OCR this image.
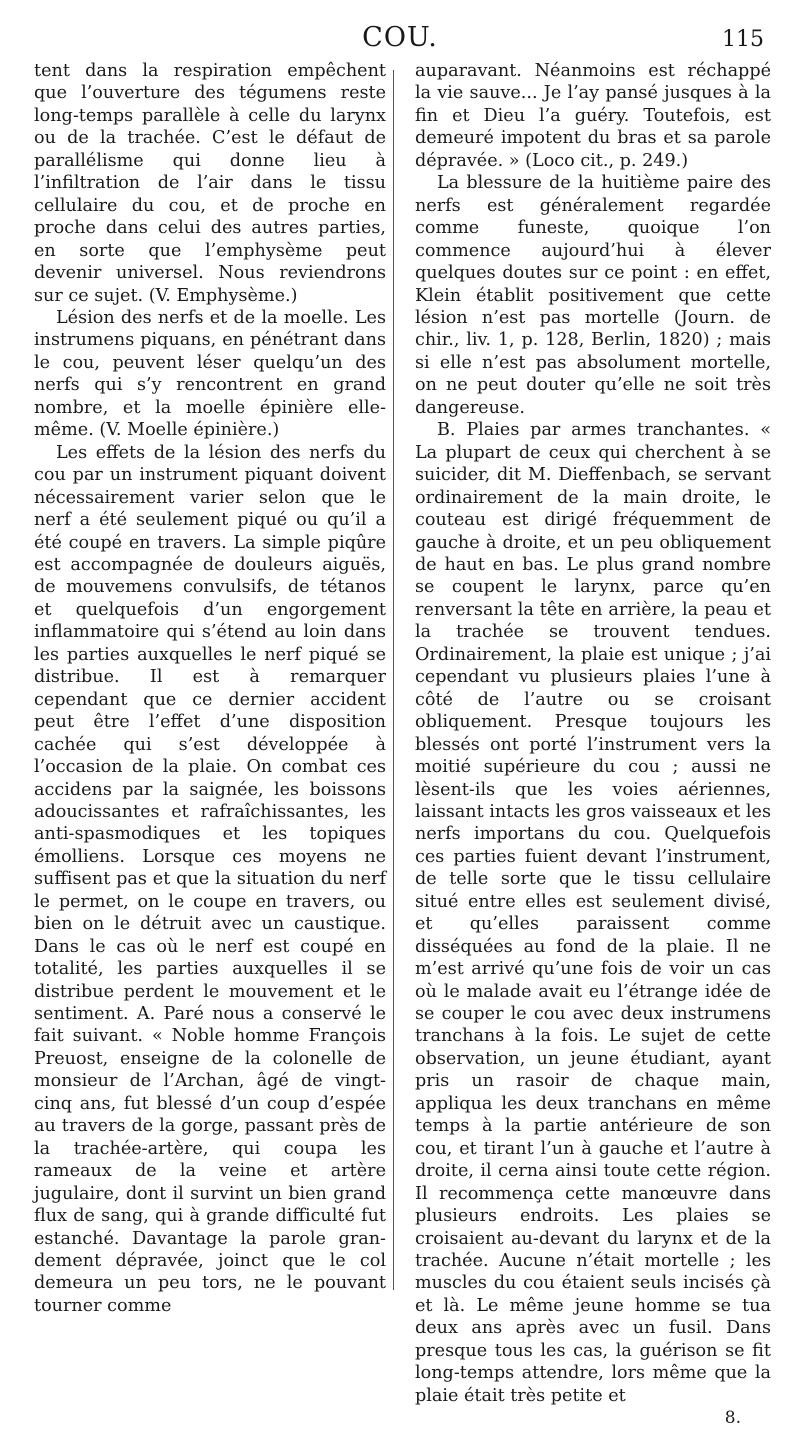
COU.	115

tent dans la respiration empêchent que l’ouverture des tégumens reste long-temps parallèle à celle du larynx ou de la trachée. C’est le défaut de parallélisme qui donne lieu à l’infiltration de l’air dans le tissu cellulaire du cou, et de proche en proche dans celui des autres parties, en sorte que l’emphysème peut devenir universel. Nous reviendrons sur ce sujet. (V. Emphysème.)

Lésion des nerfs et de la moelle. Les instrumens piquans, en pénétrant dans le cou, peuvent léser quelqu’un des nerfs qui s’y rencontrent en grand nombre, et la moelle épinière elle-même. (V. Moelle épinière.)

Les effets de la lésion des nerfs du cou par un instrument piquant doivent nécessairement varier selon que le nerf a été seulement piqué ou qu’il a été coupé en travers. La simple piqûre est accompagnée de douleurs aiguës, de mouvemens convulsifs, de tétanos et quelquefois d’un engorgement inflammatoire qui s’étend au loin dans les parties auxquelles le nerf piqué se distribue. Il est à remarquer cependant que ce dernier accident peut être l’effet d’une disposition cachée qui s’est développée à l’occasion de la plaie. On combat ces accidens par la saignée, les boissons adoucissantes et rafraîchissantes, les anti-spasmodiques et les topiques émolliens. Lorsque ces moyens ne suffisent pas et que la situation du nerf le permet, on le coupe en travers, ou bien on le détruit avec un caustique. Dans le cas où le nerf est coupé en totalité, les parties auxquelles il se distribue perdent le mouvement et le sentiment. A. Paré nous a conservé le fait suivant. « Noble homme François Preuost, enseigne de la colonelle de monsieur de l’Archan, âgé de vingt-cinq ans, fut blessé d’un coup d’espée au travers de la gorge, passant près de la trachée-artère, qui coupa les rameaux de la veine et artère jugulaire, dont il survint un bien grand flux de sang, qui à grande difficulté fut estanché. Davantage la parole gran-dement dépravée, joinct que le col demeura un peu tors, ne le pouvant tourner comme

auparavant. Néanmoins est réchappé la vie sauve... Je l’ay pansé jusques à la fin et Dieu l’a guéry. Toutefois, est demeuré impotent du bras et sa parole dépravée. » (Loco cit., p. 249.)

La blessure de la huitième paire des nerfs est généralement regardée comme funeste, quoique l’on commence aujourd’hui à élever quelques doutes sur ce point : en effet, Klein établit positivement que cette lésion n’est pas mortelle (Journ. de chir., liv. 1, p. 128, Berlin, 1820) ; mais si elle n’est pas absolument mortelle, on ne peut douter qu’elle ne soit très dangereuse.

B. Plaies par armes tranchantes. « La plupart de ceux qui cherchent à se suicider, dit M. Dieffenbach, se servant ordinairement de la main droite, le couteau est dirigé fréquemment de gauche à droite, et un peu obliquement de haut en bas. Le plus grand nombre se coupent le larynx, parce qu’en renversant la tête en arrière, la peau et la trachée se trouvent tendues. Ordinairement, la plaie est unique ; j’ai cependant vu plusieurs plaies l’une à côté de l’autre ou se croisant obliquement. Presque toujours les blessés ont porté l’instrument vers la moitié supérieure du cou ; aussi ne lèsent-ils que les voies aériennes, laissant intacts les gros vaisseaux et les nerfs importans du cou. Quelquefois ces parties fuient devant l’instrument, de telle sorte que le tissu cellulaire situé entre elles est seulement divisé, et qu’elles paraissent comme disséquées au fond de la plaie. Il ne m’est arrivé qu’une fois de voir un cas où le malade avait eu l’étrange idée de se couper le cou avec deux instrumens tranchans à la fois. Le sujet de cette observation, un jeune étudiant, ayant pris un rasoir de chaque main, appliqua les deux tranchans en même temps à la partie antérieure de son cou, et tirant l’un à gauche et l’autre à droite, il cerna ainsi toute cette région. Il recommença cette manœuvre dans plusieurs endroits. Les plaies se croisaient au-devant du larynx et de la trachée. Aucune n’était mortelle ; les muscles du cou étaient seuls incisés çà et là. Le même jeune homme se tua deux ans après avec un fusil. Dans presque tous les cas, la guérison se fit long-temps attendre, lors même que la plaie était très petite et

8.
